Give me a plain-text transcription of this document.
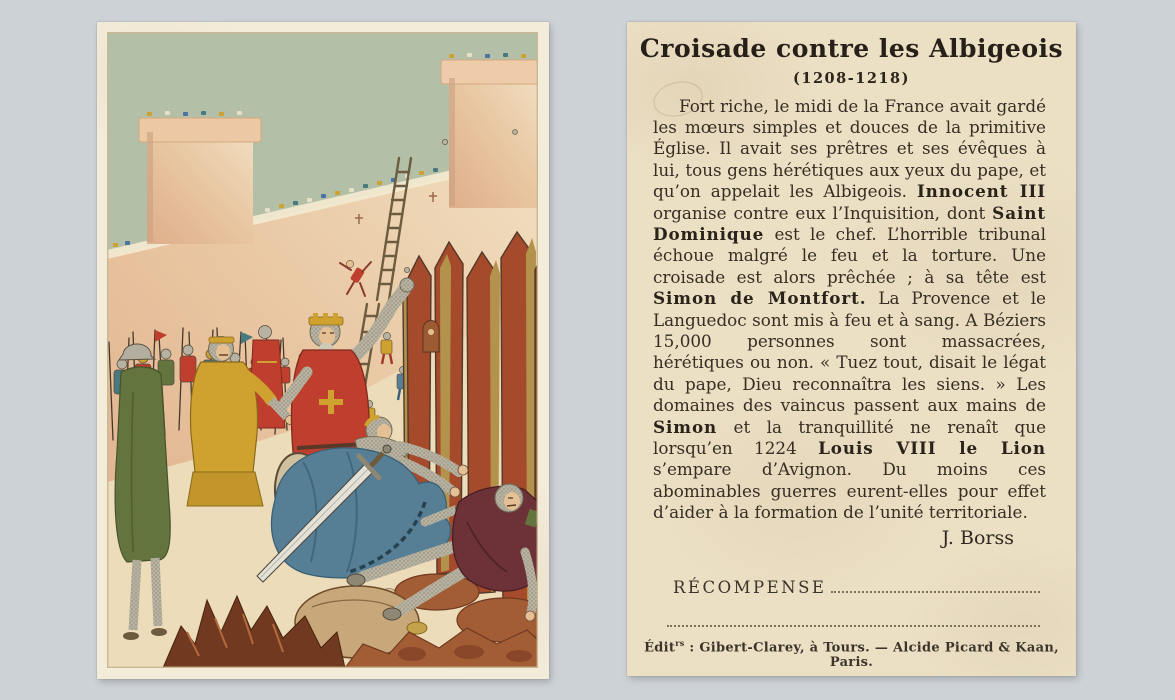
Croisade contre les Albigeois
(1208-1218)

Fort riche, le midi de la France avait gardé les mœurs simples et douces de la primitive Église. Il avait ses prêtres et ses évêques à lui, tous gens hérétiques aux yeux du pape, et qu’on appelait les Albigeois. Innocent III organise contre eux l’Inquisition, dont Saint Dominique est le chef. L’horrible tribunal échoue malgré le feu et la torture. Une croisade est alors prêchée ; à sa tête est Simon de Montfort. La Provence et le Languedoc sont mis à feu et à sang. A Béziers 15,000 personnes sont massacrées, hérétiques ou non. « Tuez tout, disait le légat du pape, Dieu reconnaîtra les siens. » Les domaines des vaincus passent aux mains de Simon et la tranquillité ne renaît que lorsqu’en 1224 Louis VIII le Lion s’empare d’Avignon. Du moins ces abominables guerres eurent-elles pour effet d’aider à la formation de l’unité territoriale.

J. Borss
RÉCOMPENSE
Édit$^{rs}$ : Gibert-Clarey, à Tours. — Alcide Picard & Kaan, Paris.
